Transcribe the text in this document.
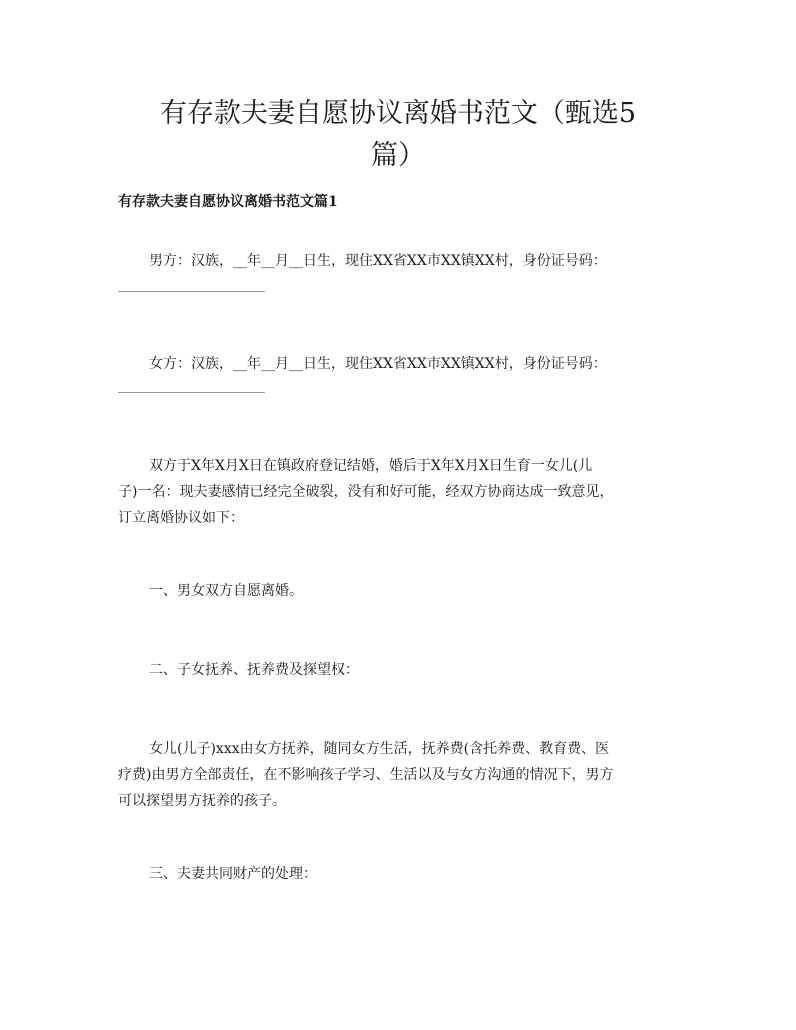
有存款夫妻自愿协议离婚书范文（甄选5
篇）
有存款夫妻自愿协议离婚书范文篇1

男方：汉族，__年__月__日生，现住XX省XX市XX镇XX村，身份证号码：

女方：汉族，__年__月__日生，现住XX省XX市XX镇XX村，身份证号码：

双方于X年X月X日在镇政府登记结婚，婚后于X年X月X日生育一女儿(儿
子)一名：现夫妻感情已经完全破裂，没有和好可能，经双方协商达成一致意见，
订立离婚协议如下：

一、男女双方自愿离婚。

二、子女抚养、抚养费及探望权：

女儿(儿子)xxx由女方抚养，随同女方生活，抚养费(含托养费、教育费、医
疗费)由男方全部责任，在不影响孩子学习、生活以及与女方沟通的情况下，男方
可以探望男方抚养的孩子。

三、夫妻共同财产的处理：
